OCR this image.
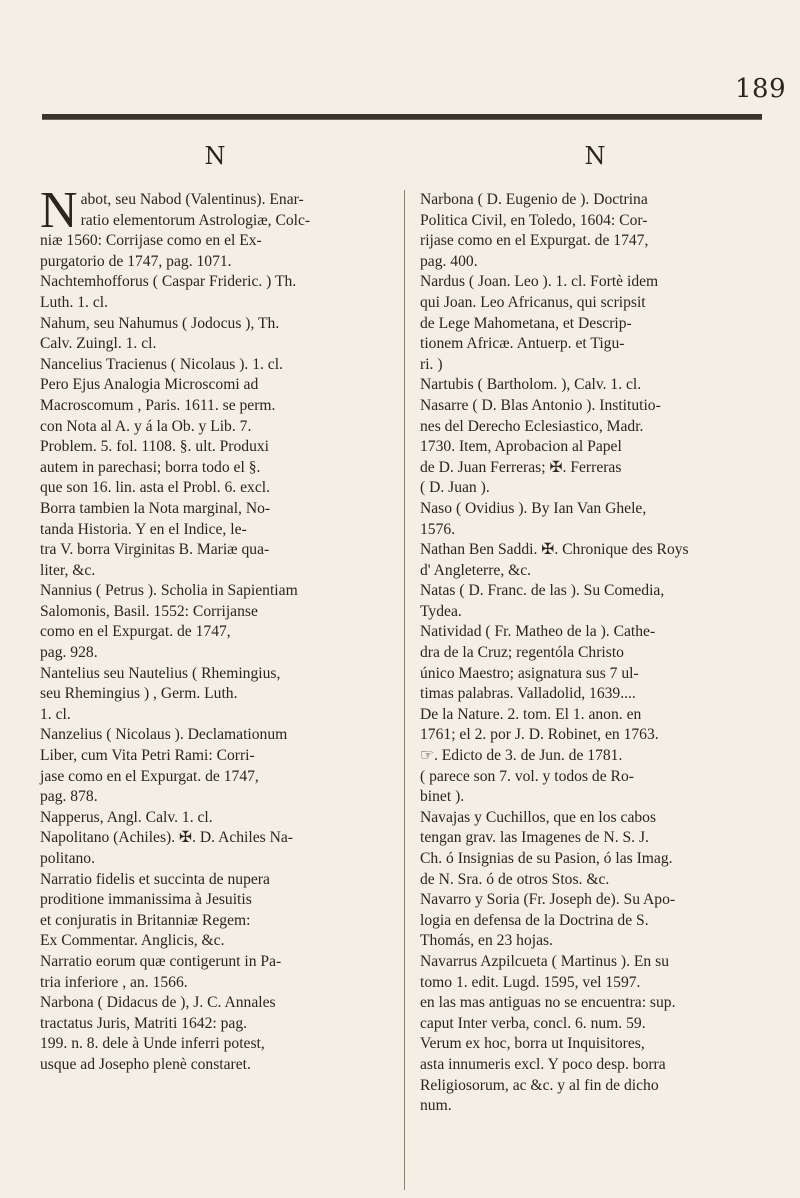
189
N	N
N abot, seu Nabod (Valentinus). Enar-
ratio elementorum Astrologiæ, Colc-
niæ 1560: Corrijase como en el Ex-
purgatorio de 1747, pag. 1071.
Nachtemhofforus ( Caspar Frideric. ) Th.
Luth. 1. cl.
Nahum, seu Nahumus ( Jodocus ), Th.
Calv. Zuingl. 1. cl.
Nancelius Tracienus ( Nicolaus ). 1. cl.
Pero Ejus Analogia Microscomi ad
Macroscomum , Paris. 1611. se perm.
con Nota al A. y á la Ob. y Lib. 7.
Problem. 5. fol. 1108. §. ult. Produxi
autem in parechasi; borra todo el §.
que son 16. lin. asta el Probl. 6. excl.
Borra tambien la Nota marginal, No-
tanda Historia. Y en el Indice, le-
tra V. borra Virginitas B. Mariæ qua-
liter, &c.
Nannius ( Petrus ). Scholia in Sapientiam
Salomonis, Basil. 1552: Corrijanse
como en el Expurgat. de 1747,
pag. 928.
Nantelius seu Nautelius ( Rhemingius,
seu Rhemingius ) , Germ. Luth.
1. cl.
Nanzelius ( Nicolaus ). Declamationum
Liber, cum Vita Petri Rami: Corri-
jase como en el Expurgat. de 1747,
pag. 878.
Napperus, Angl. Calv. 1. cl.
Napolitano (Achiles). ✠. D. Achiles Na-
politano.
Narratio fidelis et succinta de nupera
proditione immanissima à Jesuitis
et conjuratis in Britanniæ Regem:
Ex Commentar. Anglicis, &c.
Narratio eorum quæ contigerunt in Pa-
tria inferiore , an. 1566.
Narbona ( Didacus de ), J. C. Annales
tractatus Juris, Matriti 1642: pag.
199. n. 8. dele à Unde inferri potest,
usque ad Josepho plenè constaret.
Narbona ( D. Eugenio de ). Doctrina
Politica Civil, en Toledo, 1604: Cor-
rijase como en el Expurgat. de 1747,
pag. 400.
Nardus ( Joan. Leo ). 1. cl. Fortè idem
qui Joan. Leo Africanus, qui scripsit
de Lege Mahometana, et Descrip-
tionem Africæ. Antuerp. et Tigu-
ri. )
Nartubis ( Bartholom. ), Calv. 1. cl.
Nasarre ( D. Blas Antonio ). Institutio-
nes del Derecho Eclesiastico, Madr.
1730. Item, Aprobacion al Papel
de D. Juan Ferreras; ✠. Ferreras
( D. Juan ).
Naso ( Ovidius ). By Ian Van Ghele,
1576.
Nathan Ben Saddi. ✠. Chronique des Roys
d' Angleterre, &c.
Natas ( D. Franc. de las ). Su Comedia,
Tydea.
Natividad ( Fr. Matheo de la ). Cathe-
dra de la Cruz; regentóla Christo
único Maestro; asignatura sus 7 ul-
timas palabras. Valladolid, 1639....
De la Nature. 2. tom. El 1. anon. en
1761; el 2. por J. D. Robinet, en 1763.
☞. Edicto de 3. de Jun. de 1781.
( parece son 7. vol. y todos de Ro-
binet ).
Navajas y Cuchillos, que en los cabos
tengan grav. las Imagenes de N. S. J.
Ch. ó Insignias de su Pasion, ó las Imag.
de N. Sra. ó de otros Stos. &c.
Navarro y Soria (Fr. Joseph de). Su Apo-
logia en defensa de la Doctrina de S.
Thomás, en 23 hojas.
Navarrus Azpilcueta ( Martinus ). En su
tomo 1. edit. Lugd. 1595, vel 1597.
en las mas antiguas no se encuentra: sup.
caput Inter verba, concl. 6. num. 59.
Verum ex hoc, borra ut Inquisitores,
asta innumeris excl. Y poco desp. borra
Religiosorum, ac &c. y al fin de dicho
num.
